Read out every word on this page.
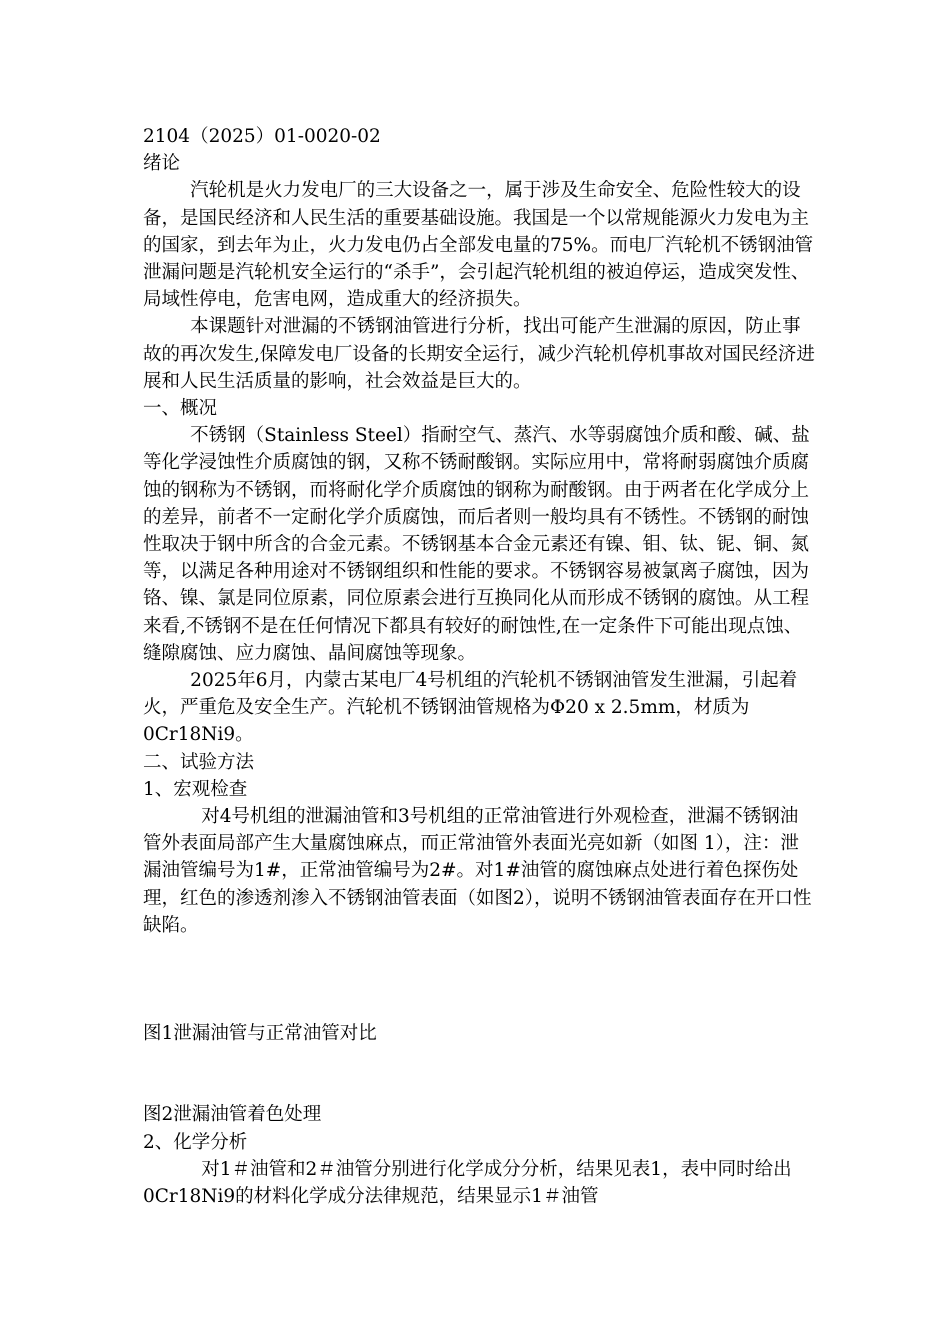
2104（2025）01-0020-02

绪论

汽轮机是火力发电厂的三大设备之一，属于涉及生命安全、危险性较大的设备，是国民经济和人民生活的重要基础设施。我国是一个以常规能源火力发电为主的国家，到去年为止，火力发电仍占全部发电量的75%。而电厂汽轮机不锈钢油管泄漏问题是汽轮机安全运行的“杀手”，会引起汽轮机组的被迫停运，造成突发性、局域性停电，危害电网，造成重大的经济损失。

本课题针对泄漏的不锈钢油管进行分析，找出可能产生泄漏的原因，防止事故的再次发生,保障发电厂设备的长期安全运行，减少汽轮机停机事故对国民经济进展和人民生活质量的影响，社会效益是巨大的。

一、概况

不锈钢（Stainless Steel）指耐空气、蒸汽、水等弱腐蚀介质和酸、碱、盐等化学浸蚀性介质腐蚀的钢，又称不锈耐酸钢。实际应用中，常将耐弱腐蚀介质腐蚀的钢称为不锈钢，而将耐化学介质腐蚀的钢称为耐酸钢。由于两者在化学成分上的差异，前者不一定耐化学介质腐蚀，而后者则一般均具有不锈性。不锈钢的耐蚀性取决于钢中所含的合金元素。不锈钢基本合金元素还有镍、钼、钛、铌、铜、氮等，以满足各种用途对不锈钢组织和性能的要求。不锈钢容易被氯离子腐蚀，因为铬、镍、氯是同位原素，同位原素会进行互换同化从而形成不锈钢的腐蚀。从工程来看,不锈钢不是在任何情况下都具有较好的耐蚀性,在一定条件下可能出现点蚀、缝隙腐蚀、应力腐蚀、晶间腐蚀等现象。

2025年6月，内蒙古某电厂4号机组的汽轮机不锈钢油管发生泄漏，引起着火，严重危及安全生产。汽轮机不锈钢油管规格为Φ20 x 2.5mm，材质为0Cr18Ni9。

二、试验方法

1、宏观检查

对4号机组的泄漏油管和3号机组的正常油管进行外观检查，泄漏不锈钢油管外表面局部产生大量腐蚀麻点，而正常油管外表面光亮如新（如图 1），注：泄漏油管编号为1#，正常油管编号为2#。对1#油管的腐蚀麻点处进行着色探伤处理，红色的渗透剂渗入不锈钢油管表面（如图2），说明不锈钢油管表面存在开口性缺陷。

图1泄漏油管与正常油管对比

图2泄漏油管着色处理

2、化学分析

对1＃油管和2＃油管分别进行化学成分分析，结果见表1，表中同时给出0Cr18Ni9的材料化学成分法律规范，结果显示1＃油管
